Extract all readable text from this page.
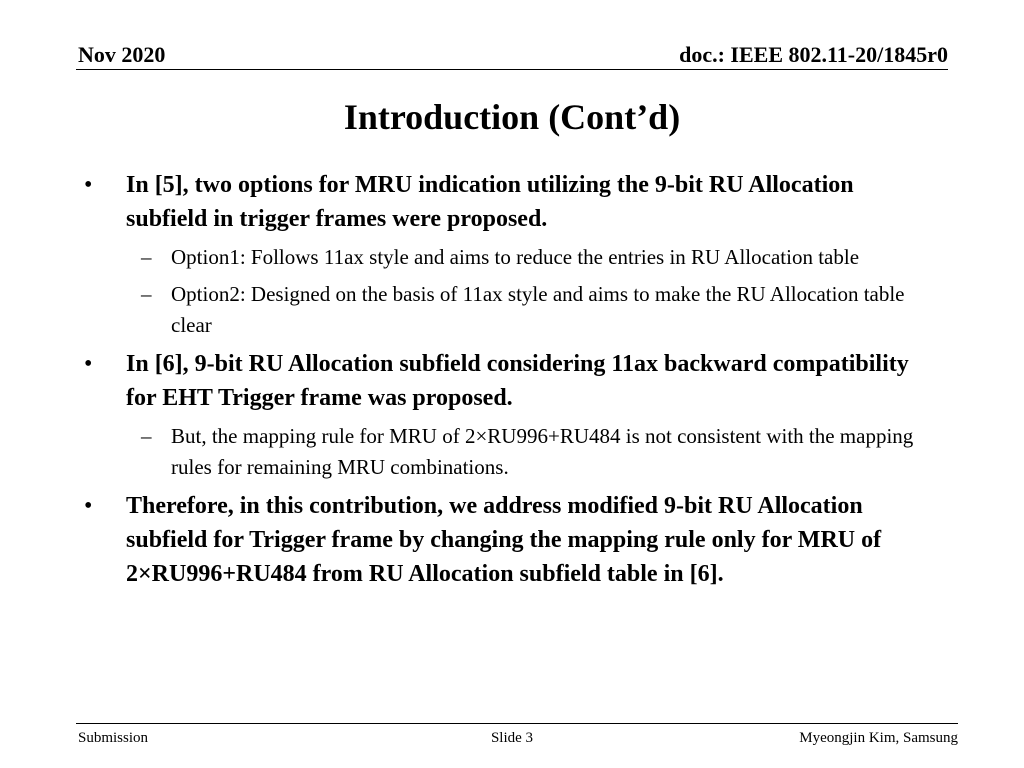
Nov 2020	doc.: IEEE 802.11-20/1845r0
Introduction (Cont’d)
•	In [5], two options for MRU indication utilizing the 9-bit RU Allocation subfield in trigger frames were proposed.
– Option1: Follows 11ax style and aims to reduce the entries in RU Allocation table
– Option2: Designed on the basis of 11ax style and aims to make the RU Allocation table clear
•	In [6], 9-bit RU Allocation subfield considering 11ax backward compatibility for EHT Trigger frame was proposed.
– But, the mapping rule for MRU of 2×RU996+RU484 is not consistent with the mapping rules for remaining MRU combinations.
•	Therefore, in this contribution, we address modified 9-bit RU Allocation subfield for Trigger frame by changing the mapping rule only for MRU of 2×RU996+RU484 from RU Allocation subfield table in [6].
Submission	Slide 3	Myeongjin Kim, Samsung
